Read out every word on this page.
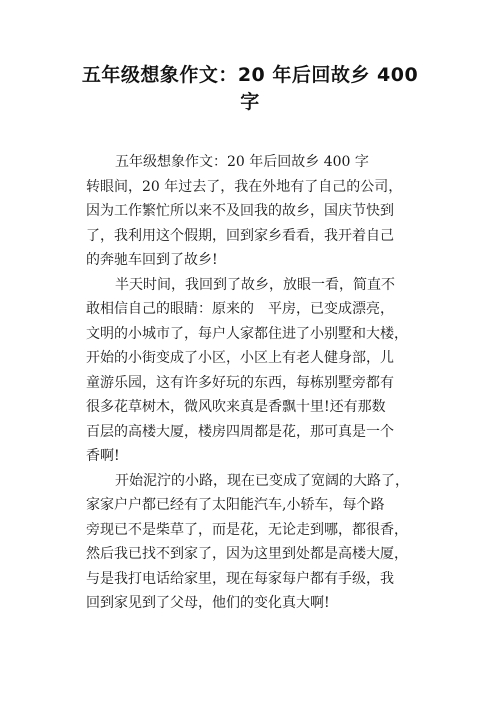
五年级想象作文：20 年后回故乡 400
字
五年级想象作文：20 年后回故乡 400 字
转眼间，20 年过去了，我在外地有了自己的公司，
因为工作繁忙所以来不及回我的故乡，国庆节快到
了，我利用这个假期，回到家乡看看，我开着自己
的奔驰车回到了故乡!
半天时间，我回到了故乡，放眼一看，简直不
敢相信自己的眼睛：原来的　平房，已变成漂亮，
文明的小城市了，每户人家都住进了小别墅和大楼，
开始的小街变成了小区，小区上有老人健身部，儿
童游乐园，这有许多好玩的东西，每栋别墅旁都有
很多花草树木，微风吹来真是香飘十里!还有那数
百层的高楼大厦，楼房四周都是花，那可真是一个
香啊!
开始泥泞的小路，现在已变成了宽阔的大路了，
家家户户都已经有了太阳能汽车,小轿车，每个路
旁现已不是柴草了，而是花，无论走到哪，都很香，
然后我已找不到家了，因为这里到处都是高楼大厦，
与是我打电话给家里，现在每家每户都有手级，我
回到家见到了父母，他们的变化真大啊!
